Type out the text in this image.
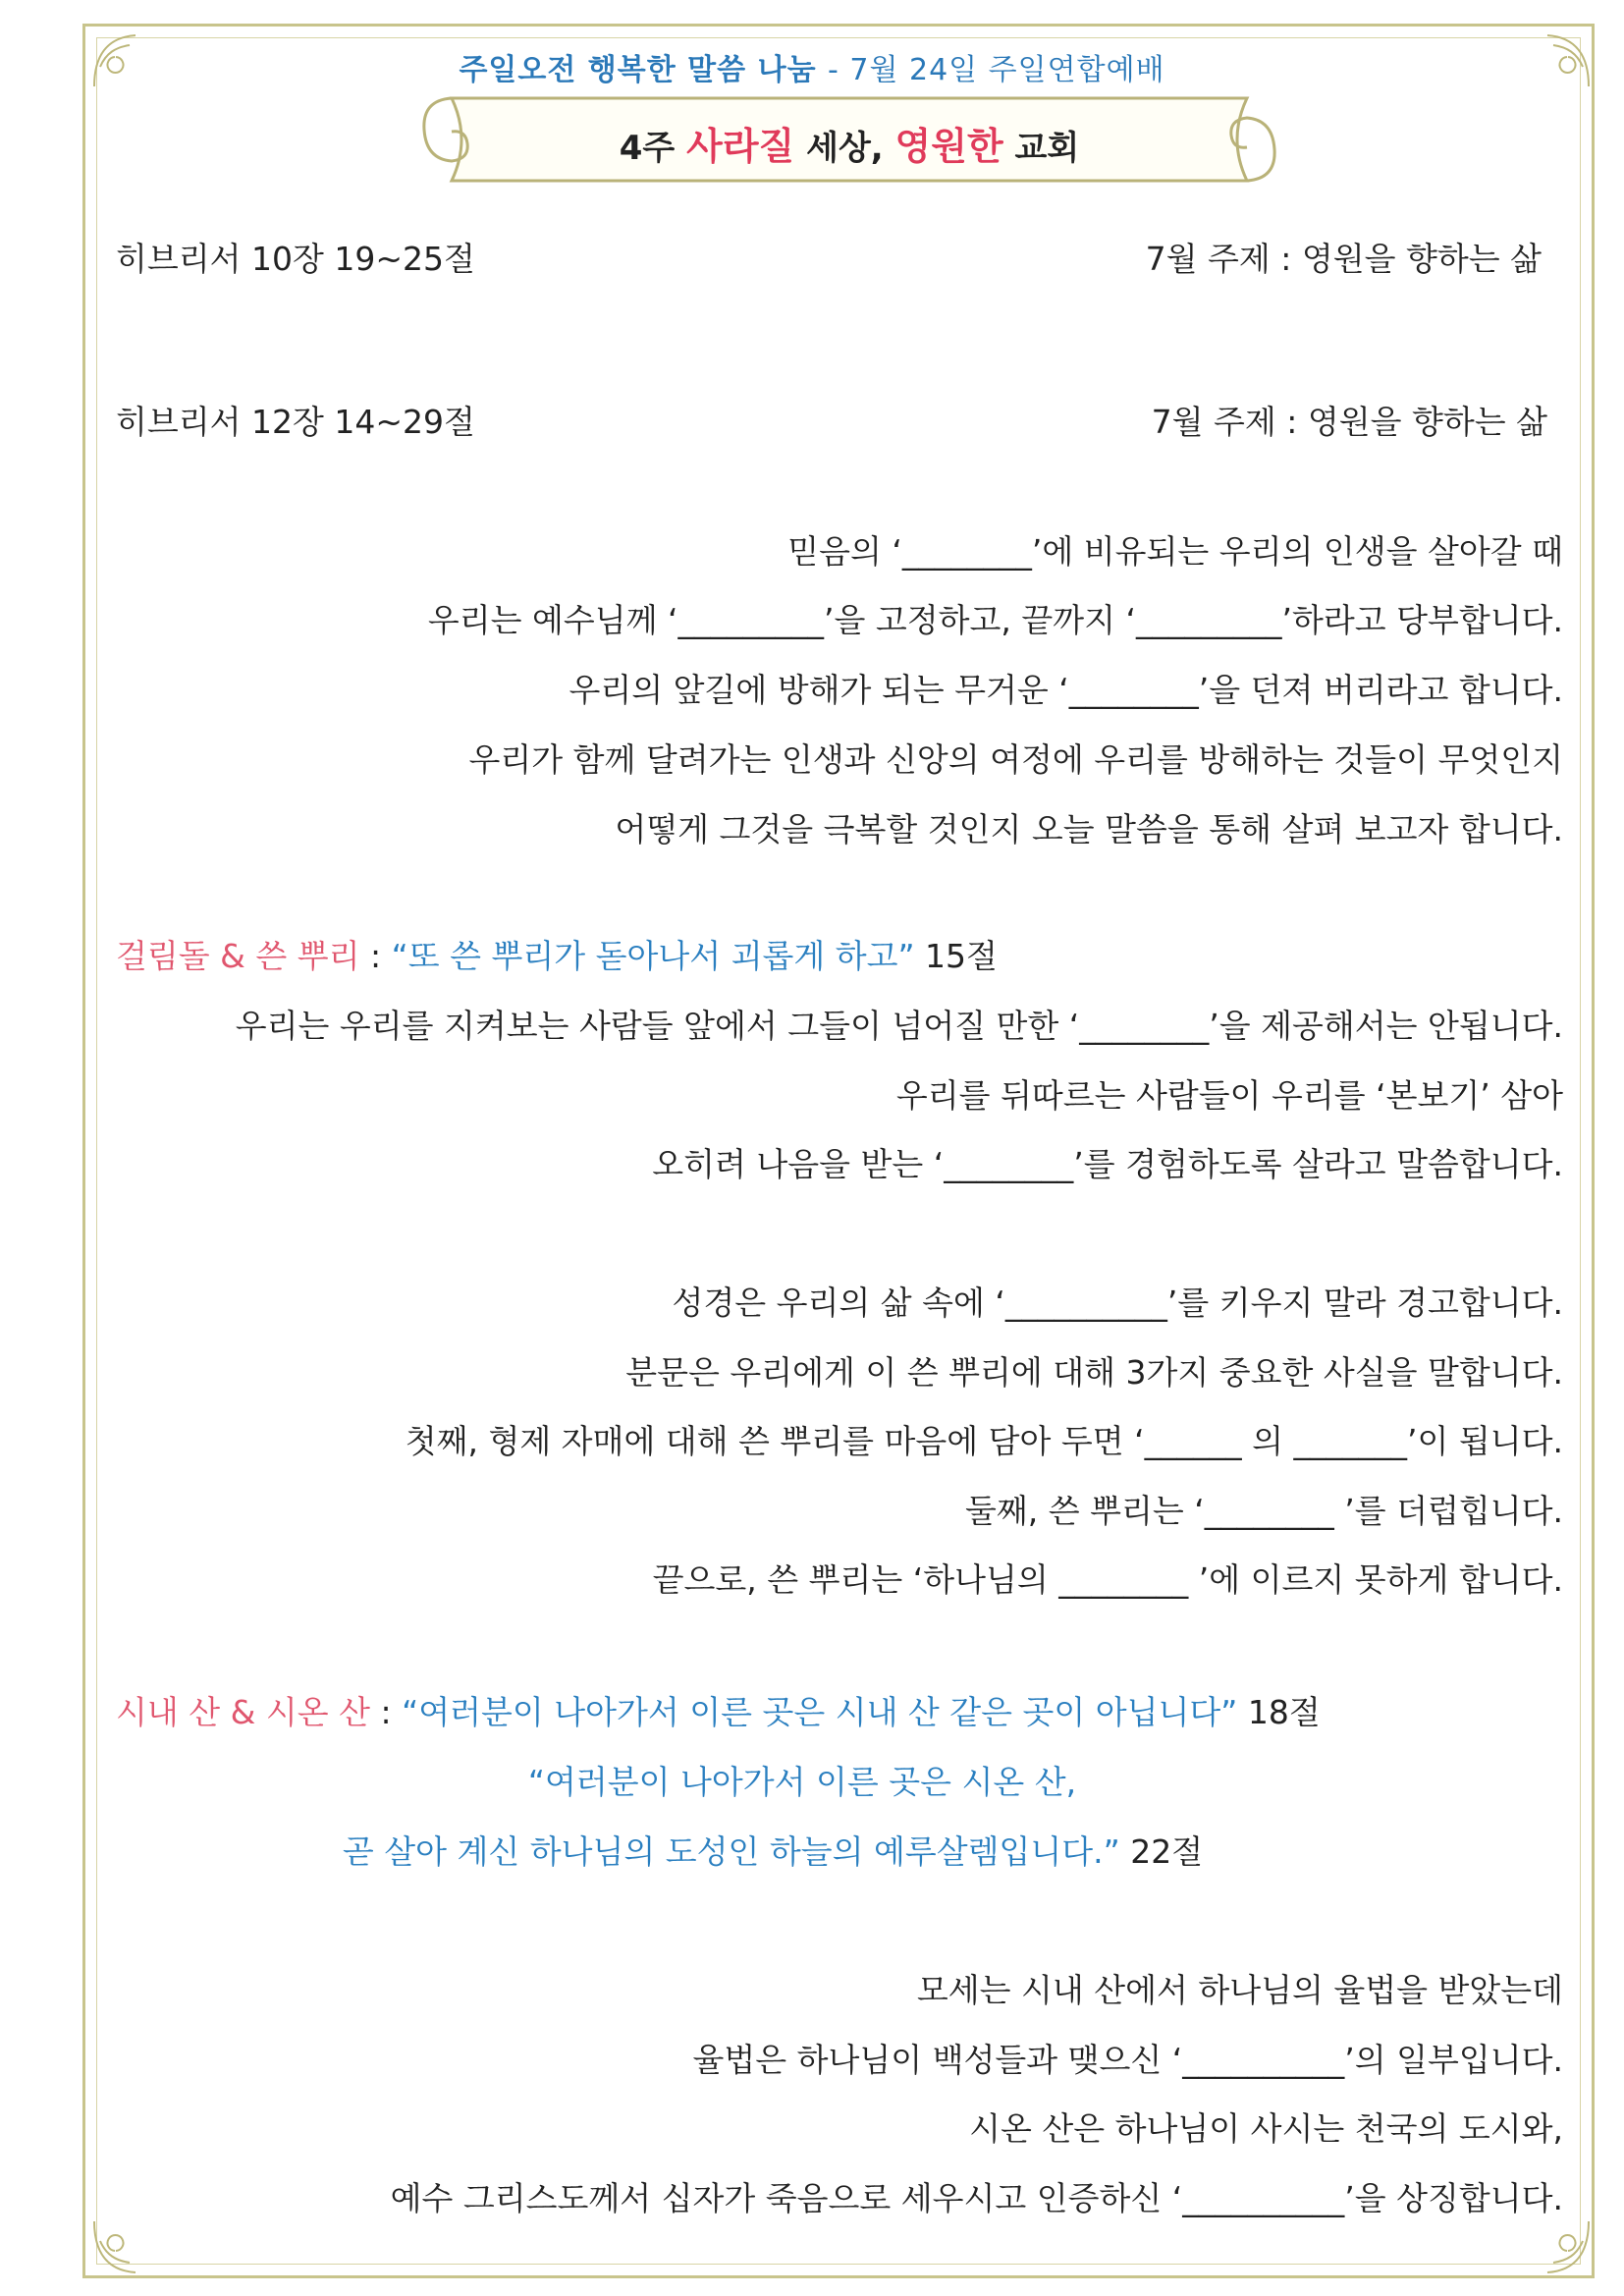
주일오전 행복한 말씀 나눔 - 7월 24일 주일연합예배
4주 사라질 세상, 영원한 교회
히브리서 10장 19~25절	7월 주제 : 영원을 향하는 삶
히브리서 12장 14~29절	7월 주제 : 영원을 향하는 삶
믿음의 ‘________’에 비유되는 우리의 인생을 살아갈 때
우리는 예수님께 ‘_________’을 고정하고, 끝까지 ‘_________’하라고 당부합니다.
우리의 앞길에 방해가 되는 무거운 ‘________’을 던져 버리라고 합니다.
우리가 함께 달려가는 인생과 신앙의 여정에 우리를 방해하는 것들이 무엇인지
어떻게 그것을 극복할 것인지 오늘 말씀을 통해 살펴 보고자 합니다.
걸림돌 & 쓴 뿌리 : “또 쓴 뿌리가 돋아나서 괴롭게 하고” 15절
우리는 우리를 지켜보는 사람들 앞에서 그들이 넘어질 만한 ‘________’을 제공해서는 안됩니다.
우리를 뒤따르는 사람들이 우리를 ‘본보기’ 삼아
오히려 나음을 받는 ‘________’를 경험하도록 살라고 말씀합니다.
성경은 우리의 삶 속에 ‘__________’를 키우지 말라 경고합니다.
분문은 우리에게 이 쓴 뿌리에 대해 3가지 중요한 사실을 말합니다.
첫째, 형제 자매에 대해 쓴 뿌리를 마음에 담아 두면 ‘______ 의 _______’이 됩니다.
둘째, 쓴 뿌리는 ‘________ ’를 더럽힙니다.
끝으로, 쓴 뿌리는 ‘하나님의 ________ ’에 이르지 못하게 합니다.
시내 산 & 시온 산 : “여러분이 나아가서 이른 곳은 시내 산 같은 곳이 아닙니다” 18절
“여러분이 나아가서 이른 곳은 시온 산,
곧 살아 계신 하나님의 도성인 하늘의 예루살렘입니다.” 22절
모세는 시내 산에서 하나님의 율법을 받았는데
율법은 하나님이 백성들과 맺으신 ‘__________’의 일부입니다.
시온 산은 하나님이 사시는 천국의 도시와,
예수 그리스도께서 십자가 죽음으로 세우시고 인증하신 ‘__________’을 상징합니다.
